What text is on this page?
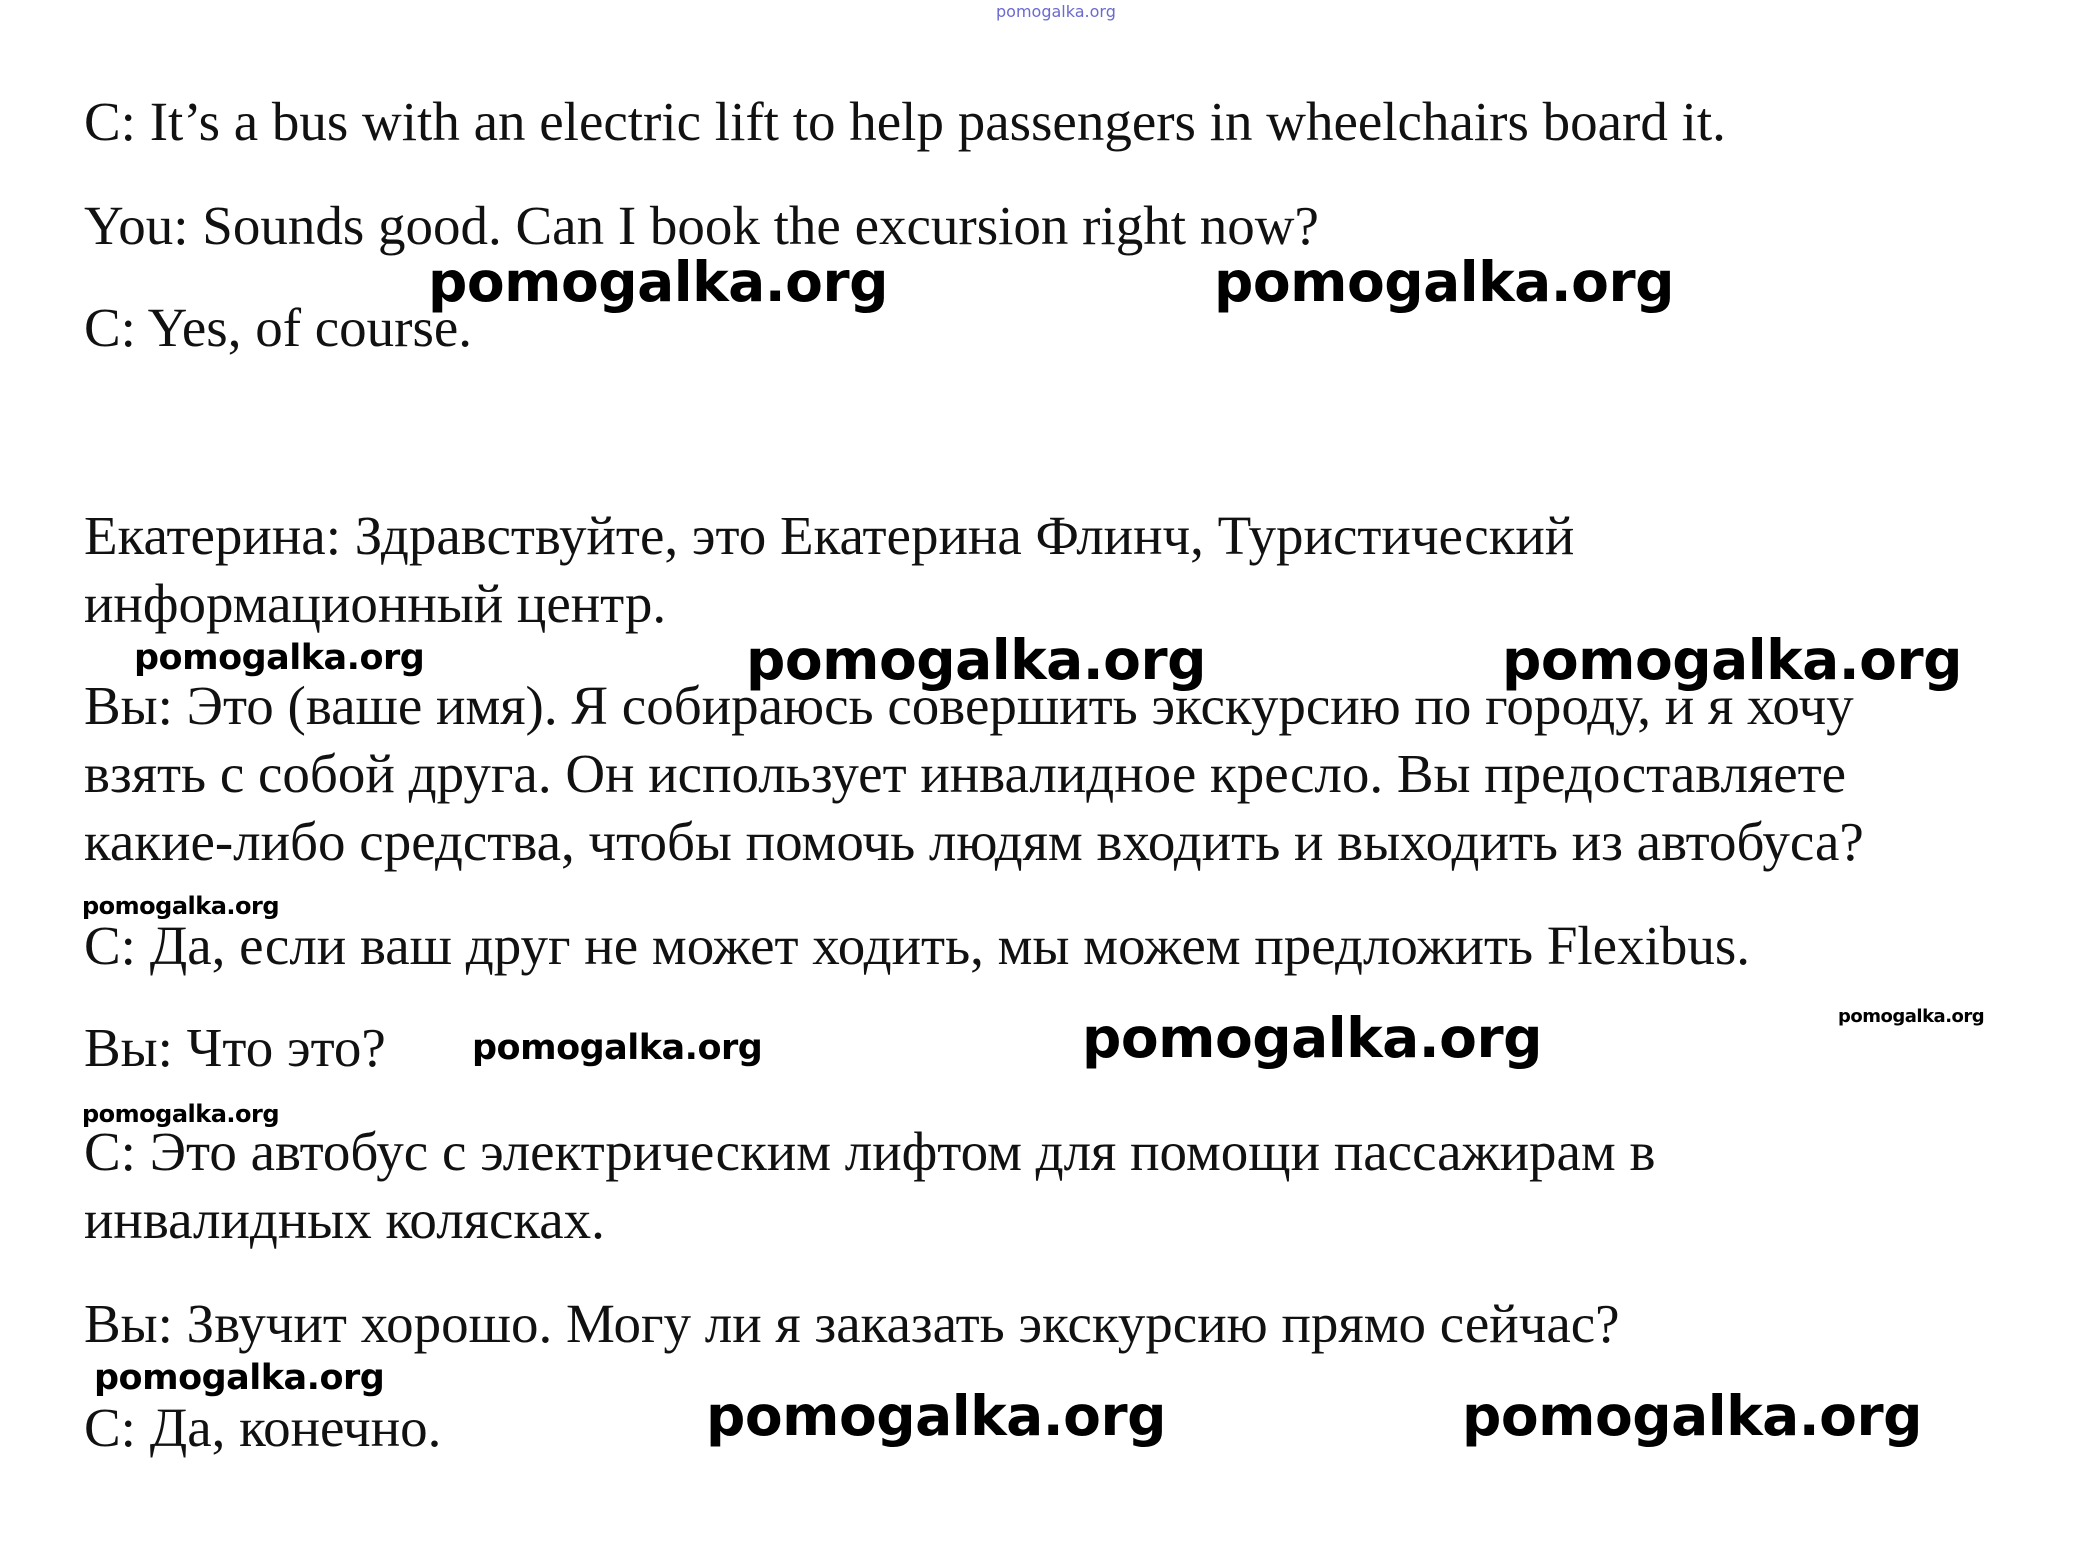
pomogalka.org

C: It’s a bus with an electric lift to help passengers in wheelchairs board it.

You: Sounds good. Can I book the excursion right now?

C: Yes, of course.

Екатерина: Здравствуйте, это Екатерина Флинч, Туристический

информационный центр.

Вы: Это (ваше имя). Я собираюсь совершить экскурсию по городу, и я хочу

взять с собой друга. Он использует инвалидное кресло. Вы предоставляете

какие-либо средства, чтобы помочь людям входить и выходить из автобуса?

С: Да, если ваш друг не может ходить, мы можем предложить Flexibus.

Вы: Что это?

С: Это автобус с электрическим лифтом для помощи пассажирам в

инвалидных колясках.

Вы: Звучит хорошо. Могу ли я заказать экскурсию прямо сейчас?

С: Да, конечно.

pomogalka.org	pomogalka.org
pomogalka.org	pomogalka.org	pomogalka.org
pomogalka.org
pomogalka.org	pomogalka.org	pomogalka.org
pomogalka.org
pomogalka.org
pomogalka.org	pomogalka.org
